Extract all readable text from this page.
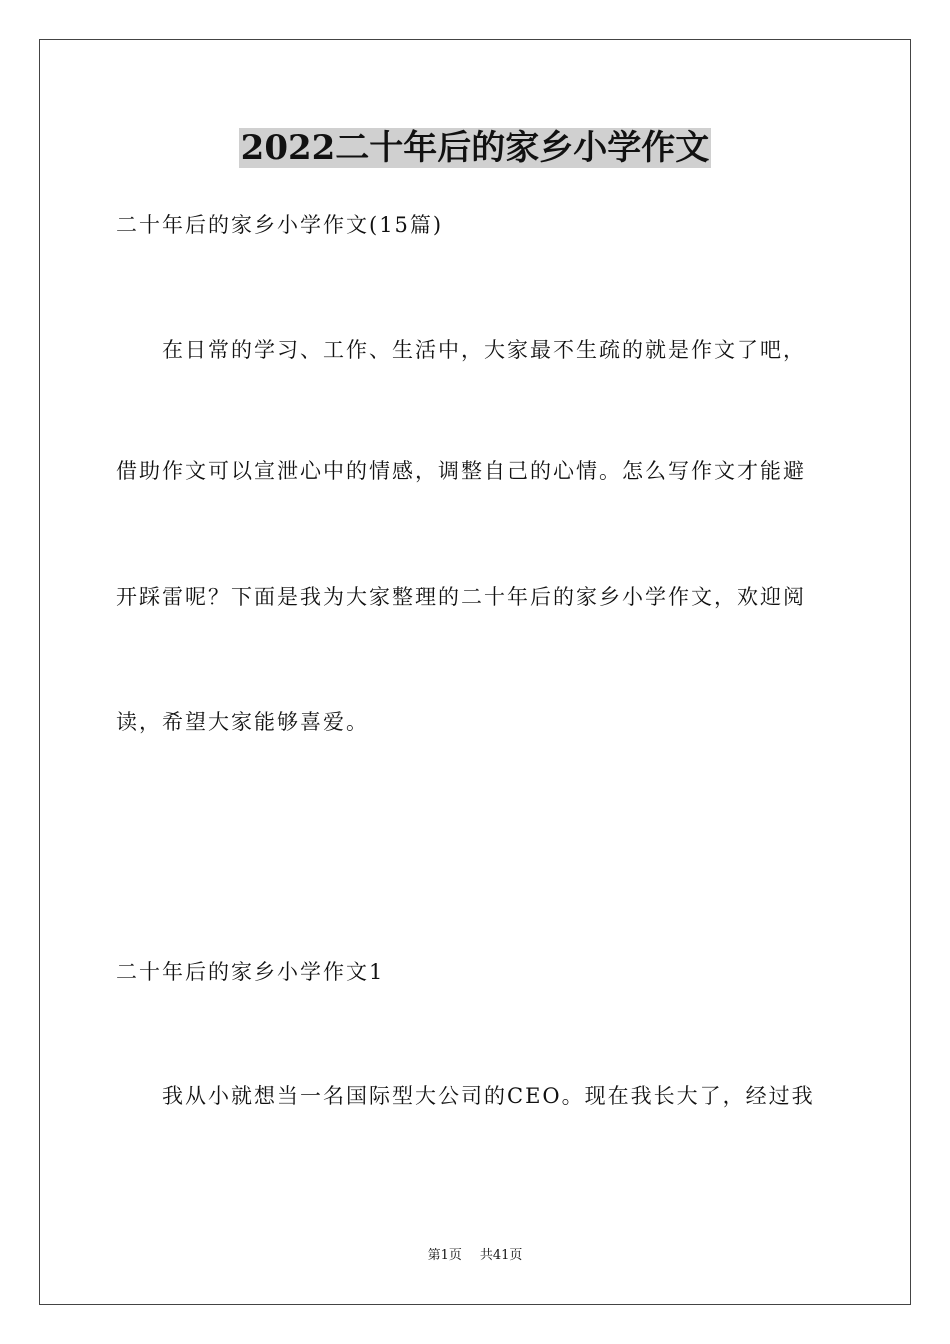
2022二十年后的家乡小学作文
二十年后的家乡小学作文(15篇)
　　在日常的学习、工作、生活中，大家最不生疏的就是作文了吧，
借助作文可以宣泄心中的情感，调整自己的心情。怎么写作文才能避
开踩雷呢？下面是我为大家整理的二十年后的家乡小学作文，欢迎阅
读，希望大家能够喜爱。
二十年后的家乡小学作文1
　　我从小就想当一名国际型大公司的CEO。现在我长大了，经过我
第1页 共41页
